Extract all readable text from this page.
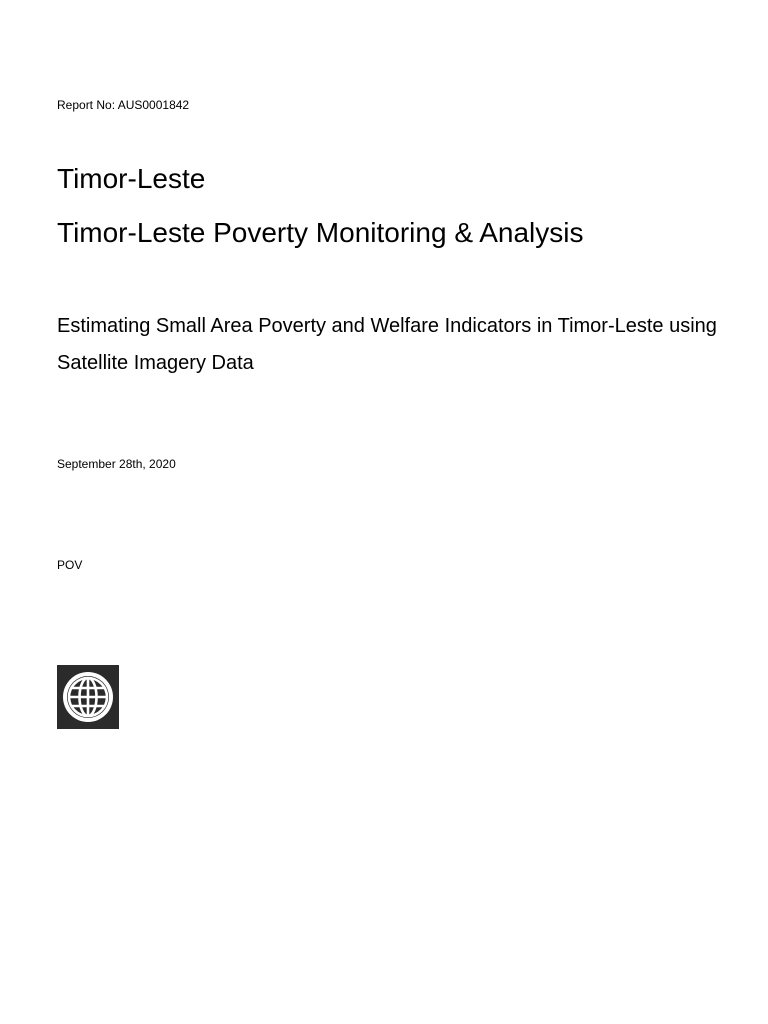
Report No: AUS0001842
Timor-Leste
Timor-Leste Poverty Monitoring & Analysis
Estimating Small Area Poverty and Welfare Indicators in Timor-Leste using Satellite Imagery Data
September 28th, 2020
POV
